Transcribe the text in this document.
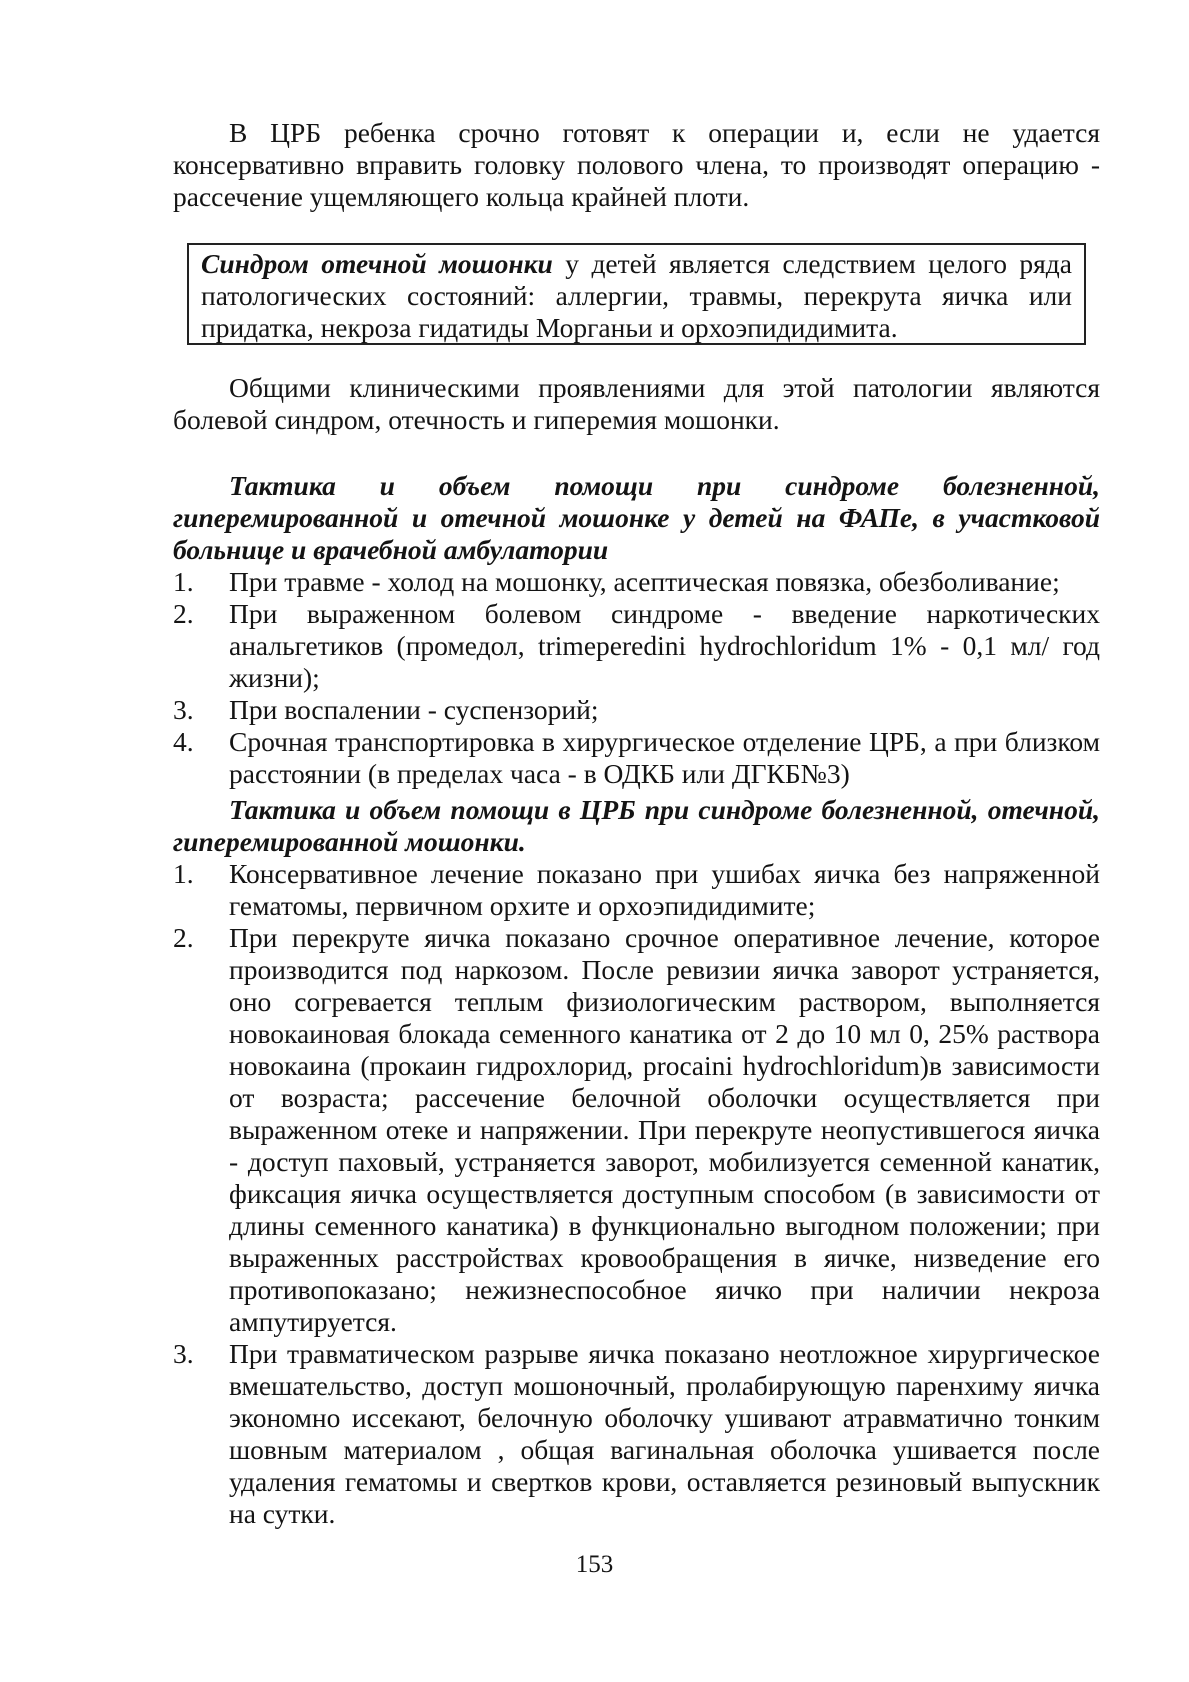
В ЦРБ ребенка срочно готовят к операции и, если не удается консервативно вправить головку полового члена, то производят операцию - рассечение ущемляющего кольца крайней плоти.

Синдром отечной мошонки у детей является следствием целого ряда патологических состояний: аллергии, травмы, перекрута яичка или придатка, некроза гидатиды Морганьи и орхоэпидидимита.

Общими клиническими проявлениями для этой патологии являются болевой синдром, отечность и гиперемия мошонки.

Тактика и объем помощи при синдроме болезненной, гиперемированной и отечной мошонке у детей на ФАПе, в участковой больнице и врачебной амбулатории

1. При травме - холод на мошонку, асептическая повязка, обезболивание;
2. При выраженном болевом синдроме - введение наркотических анальгетиков (промедол, trimeperedini hydrochloridum 1% - 0,1 мл/ год жизни);
3. При воспалении - суспензорий;
4. Срочная транспортировка в хирургическое отделение ЦРБ, а при близком расстоянии (в пределах часа - в ОДКБ или ДГКБ№3)

Тактика и объем помощи в ЦРБ при синдроме болезненной, отечной, гиперемированной мошонки.

1. Консервативное лечение показано при ушибах яичка без напряженной гематомы, первичном орхите и орхоэпидидимите;
2. При перекруте яичка показано срочное оперативное лечение, которое производится под наркозом. После ревизии яичка заворот устраняется, оно согревается теплым физиологическим раствором, выполняется новокаиновая блокада семенного канатика от 2 до 10 мл 0, 25% раствора новокаина (прокаин гидрохлорид, procaini hydrochloridum)в зависимости от возраста; рассечение белочной оболочки осуществляется при выраженном отеке и напряжении. При перекруте неопустившегося яичка - доступ паховый, устраняется заворот, мобилизуется семенной канатик, фиксация яичка осуществляется доступным способом (в зависимости от длины семенного канатика) в функционально выгодном положении; при выраженных расстройствах кровообращения в яичке, низведение его противопоказано; нежизнеспособное яичко при наличии некроза ампутируется.
3. При травматическом разрыве яичка показано неотложное хирургическое вмешательство, доступ мошоночный, пролабирующую паренхиму яичка экономно иссекают, белочную оболочку ушивают атравматично тонким шовным материалом , общая вагинальная оболочка ушивается после удаления гематомы и свертков крови, оставляется резиновый выпускник на сутки.
153
